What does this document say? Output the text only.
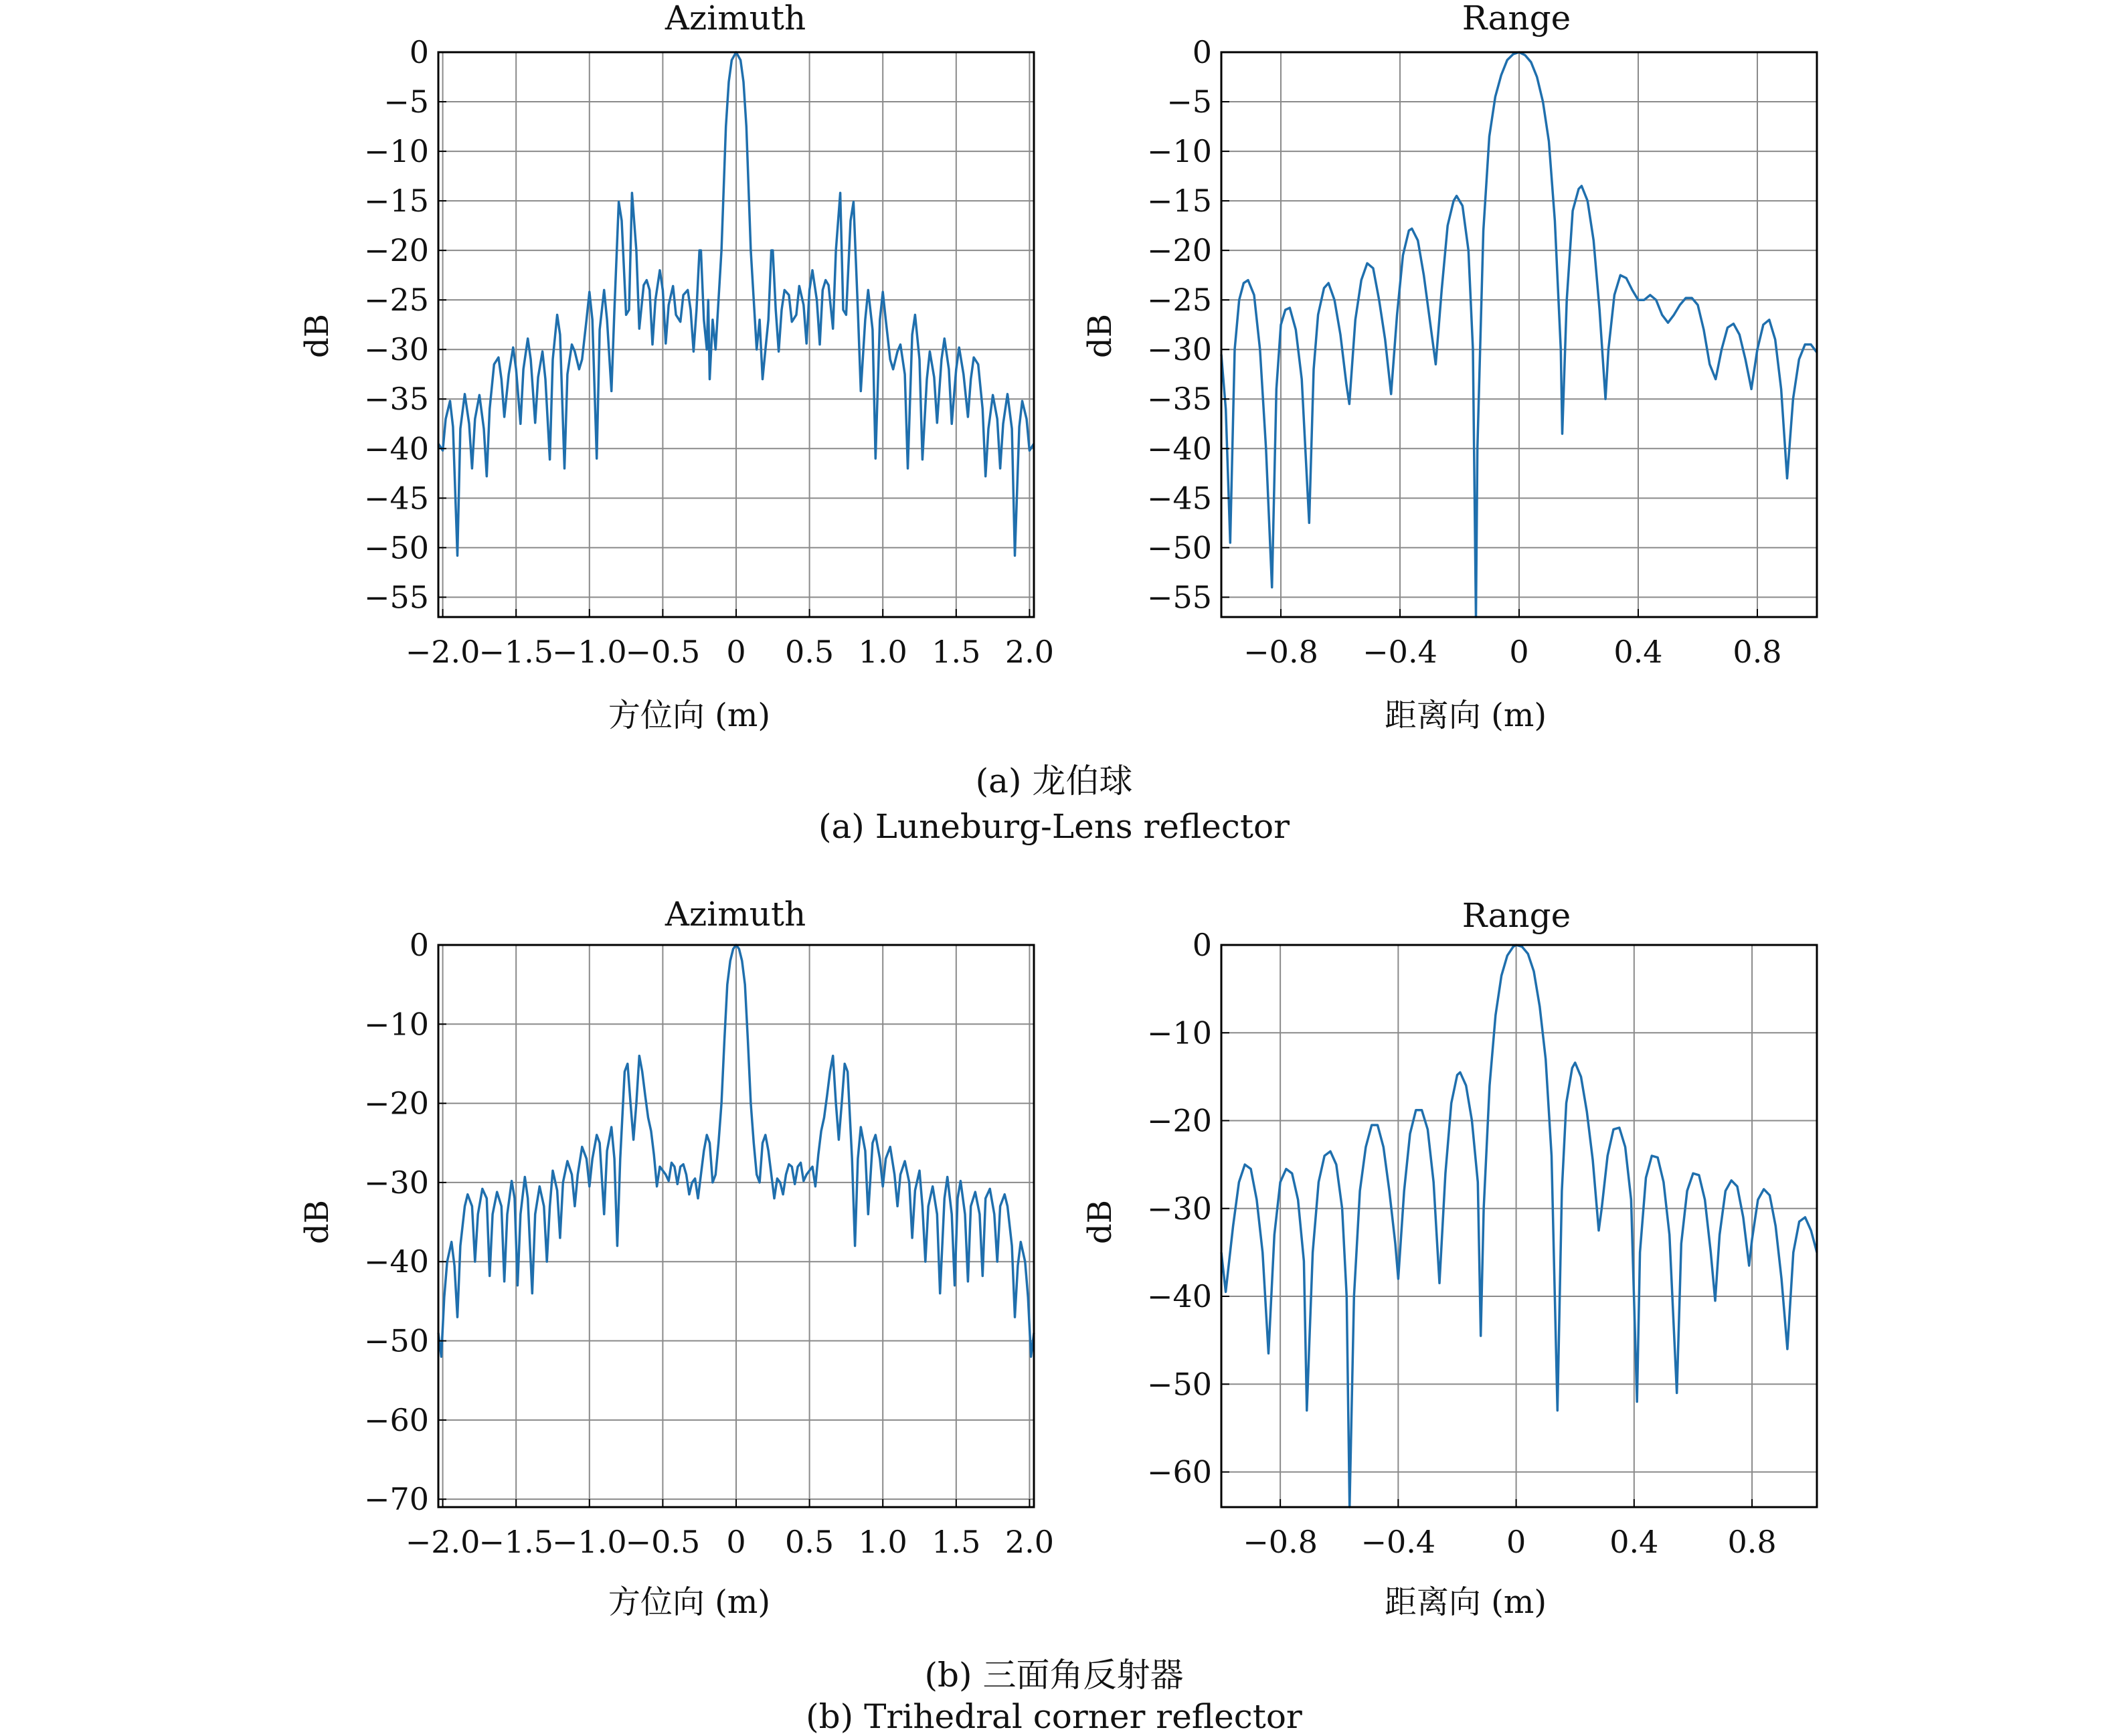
Azimuth
−2.0
−1.5
−1.0
−0.5 0 0.5 1.0 1.5 2.0
0
−5
−10
−15
−20
−25
−30
−35
−40
−45
−50
−55
方位向 (m)
dB
Range
−0.8 −0.4 0	0.4 0.8
0
−5
−10
−15
−20
−25
−30
−35
−40
−45
−50
−55
距离向 (m)
dB
Azimuth
−2.0
−1.5
−1.0
−0.5 0 0.5 1.0 1.5 2.0
0
−10
−20
−30
−40
−50
−60
−70
方位向 (m)
dB
Range
−0.8 −0.4 0	0.4 0.8
0
−10
−20
−30
−40
−50
−60
距离向 (m)
dB
(a) 龙伯球
(a) Luneburg-Lens reflector
(b) 三面角反射器
(b) Trihedral corner reflector
